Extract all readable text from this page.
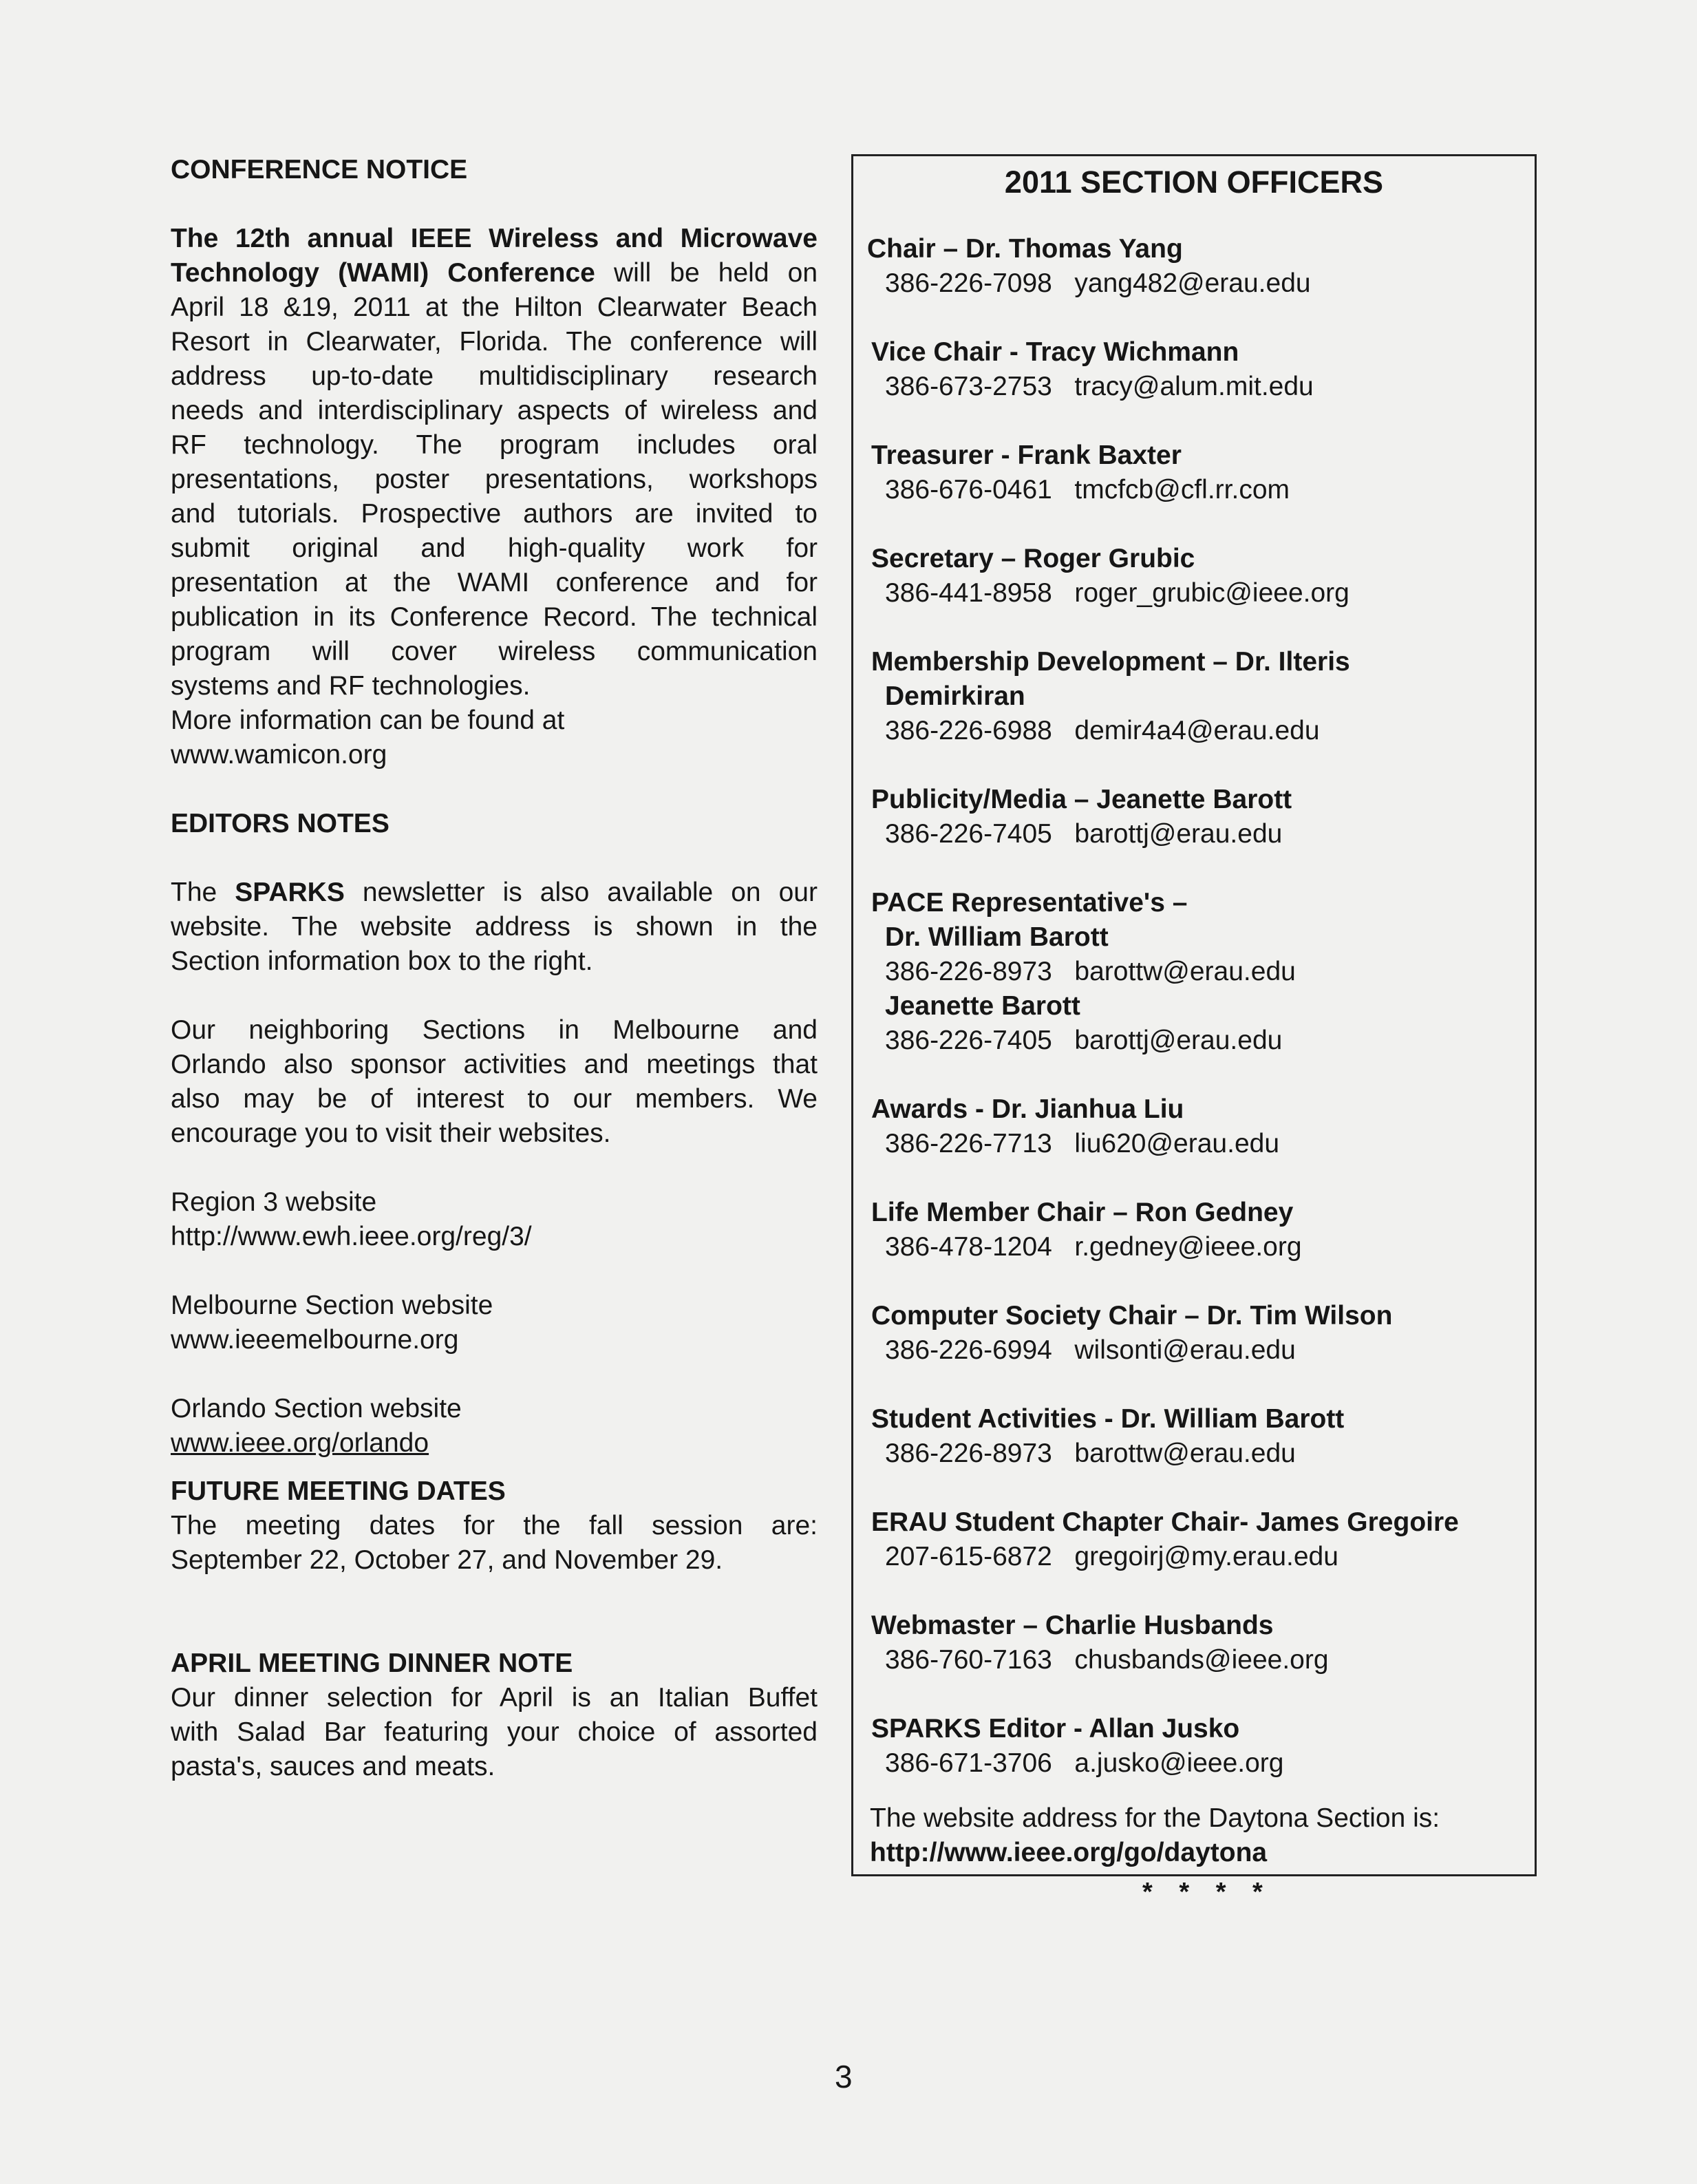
CONFERENCE NOTICE

The 12th annual IEEE Wireless and Microwave

Technology (WAMI) Conference will be held on

April 18 &19, 2011 at the Hilton Clearwater Beach

Resort in Clearwater, Florida. The conference will

address up-to-date multidisciplinary research

needs and interdisciplinary aspects of wireless and

RF technology. The program includes oral

presentations, poster presentations, workshops

and tutorials. Prospective authors are invited to

submit original and high-quality work for

presentation at the WAMI conference and for

publication in its Conference Record. The technical

program will cover wireless communication

systems and RF technologies.

More information can be found at

www.wamicon.org

EDITORS NOTES

The SPARKS newsletter is also available on our

website. The website address is shown in the

Section information box to the right.

Our neighboring Sections in Melbourne and

Orlando also sponsor activities and meetings that

also may be of interest to our members. We

encourage you to visit their websites.

Region 3 website

http://www.ewh.ieee.org/reg/3/

Melbourne Section website

www.ieeemelbourne.org

Orlando Section website

www.ieee.org/orlando

FUTURE MEETING DATES

The meeting dates for the fall session are:

September 22, October 27, and November 29.

APRIL MEETING DINNER NOTE

Our dinner selection for April is an Italian Buffet

with Salad Bar featuring your choice of assorted

pasta's, sauces and meats.

2011 SECTION OFFICERS
Chair – Dr. Thomas Yang
386-226-7098   yang482@erau.edu
Vice Chair - Tracy Wichmann
386-673-2753   tracy@alum.mit.edu
Treasurer - Frank Baxter
386-676-0461   tmcfcb@cfl.rr.com
Secretary – Roger Grubic
386-441-8958   roger_grubic@ieee.org
Membership Development – Dr. Ilteris
Demirkiran
386-226-6988   demir4a4@erau.edu
Publicity/Media – Jeanette Barott
386-226-7405   barottj@erau.edu
PACE Representative's –
Dr. William Barott
386-226-8973   barottw@erau.edu
Jeanette Barott
386-226-7405   barottj@erau.edu
Awards - Dr. Jianhua Liu
386-226-7713   liu620@erau.edu
Life Member Chair – Ron Gedney
386-478-1204   r.gedney@ieee.org
Computer Society Chair – Dr. Tim Wilson
386-226-6994   wilsonti@erau.edu
Student Activities - Dr. William Barott
386-226-8973   barottw@erau.edu
ERAU Student Chapter Chair- James Gregoire
207-615-6872   gregoirj@my.erau.edu
Webmaster – Charlie Husbands
386-760-7163   chusbands@ieee.org
SPARKS Editor - Allan Jusko
386-671-3706   a.jusko@ieee.org
The website address for the Daytona Section is:
http://www.ieee.org/go/daytona
3
* * * *
